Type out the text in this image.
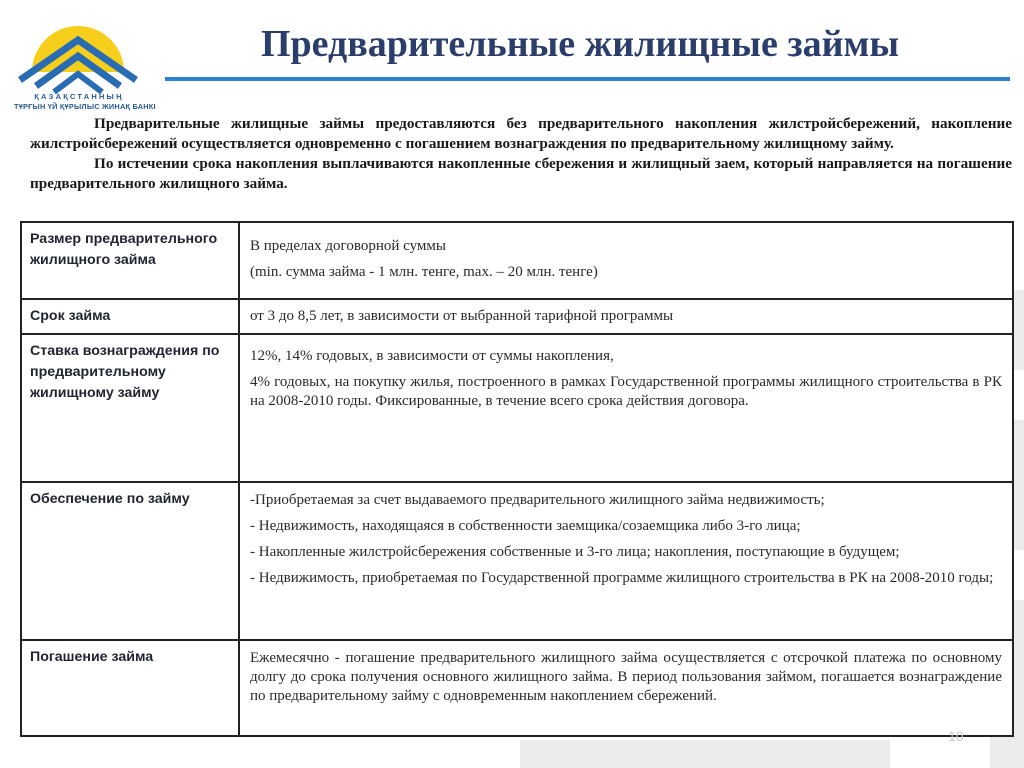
ҚАЗАҚСТАННЫҢ
ТҰРҒЫН ҮЙ ҚҰРЫЛЫС ЖИНАҚ БАНКІ
Предварительные жилищные займы

Предварительные жилищные займы предоставляются без предварительного накопления жилстройсбережений, накопление жилстройсбережений осуществляется одновременно с погашением вознаграждения по предварительному жилищному займу.

По истечении срока накопления выплачиваются накопленные сбережения и жилищный заем, который направляется на погашение предварительного жилищного займа.

Размер предварительного жилищного займа	В пределах договорной суммы

(min. сумма займа - 1 млн. тенге, max. – 20 млн. тенге)

Срок займа	от 3 до 8,5 лет, в зависимости от выбранной тарифной программы

Ставка вознаграждения по предварительному жилищному займу	12%, 14% годовых, в зависимости от суммы накопления,

4% годовых, на покупку жилья, построенного в рамках Государственной программы жилищного строительства в РК на 2008-2010 годы. Фиксированные, в течение всего срока действия договора.

Обеспечение по займу	-Приобретаемая за счет выдаваемого предварительного жилищного займа недвижимость;

- Недвижимость, находящаяся в собственности заемщика/созаемщика либо 3-го лица;

- Накопленные жилстройсбережения собственные и 3-го лица; накопления, поступающие в будущем;

- Недвижимость, приобретаемая по Государственной программе жилищного строительства в РК на 2008-2010 годы;

Погашение займа	Ежемесячно - погашение предварительного жилищного займа осуществляется с отсрочкой платежа по основному долгу до срока получения основного жилищного займа. В период пользования займом, погашается вознаграждение по предварительному займу с одновременным накоплением сбережений.

10
